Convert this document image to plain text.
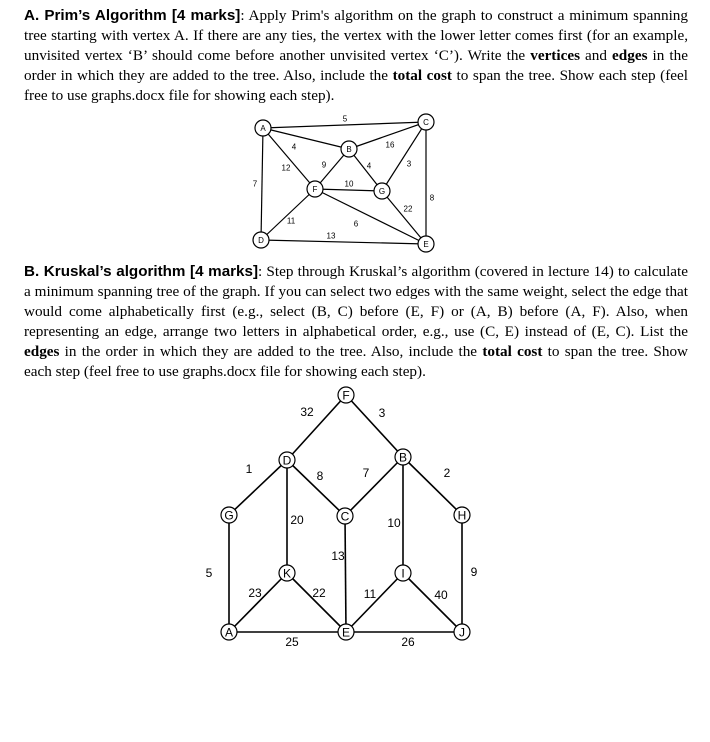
A. Prim’s Algorithm [4 marks]: Apply Prim's algorithm on the graph to construct a minimum spanning tree starting with vertex A. If there are any ties, the vertex with the lower letter comes first (for an example, unvisited vertex ‘B’ should come before another unvisited vertex ‘C’). Write the vertices and edges in the order in which they are added to the tree. Also, include the total cost to span the tree. Show each step (feel free to use graphs.docx file for showing each step).

B. Kruskal’s algorithm [4 marks]: Step through Kruskal’s algorithm (covered in lecture 14) to calculate a minimum spanning tree of the graph. If you can select two edges with the same weight, select the edge that would come alphabetically first (e.g., select (B, C) before (E, F) or (A, B) before (A, F). Also, when representing an edge, arrange two letters in alphabetical order, e.g., use (C, E) instead of (E, C). List the edges in the order in which they are added to the tree. Also, include the total cost to span the tree. Show each step (feel free to use graphs.docx file for showing each step).

5
4
12
7
9	4
16
3
8
10
11	6
22
13
A
B
C
D	E
F	G
32	3
1	8	7	2
20	10
5	9
13
23	22	11	40
25	26
A
B
C
D
E
F
G	H
I
J
K
